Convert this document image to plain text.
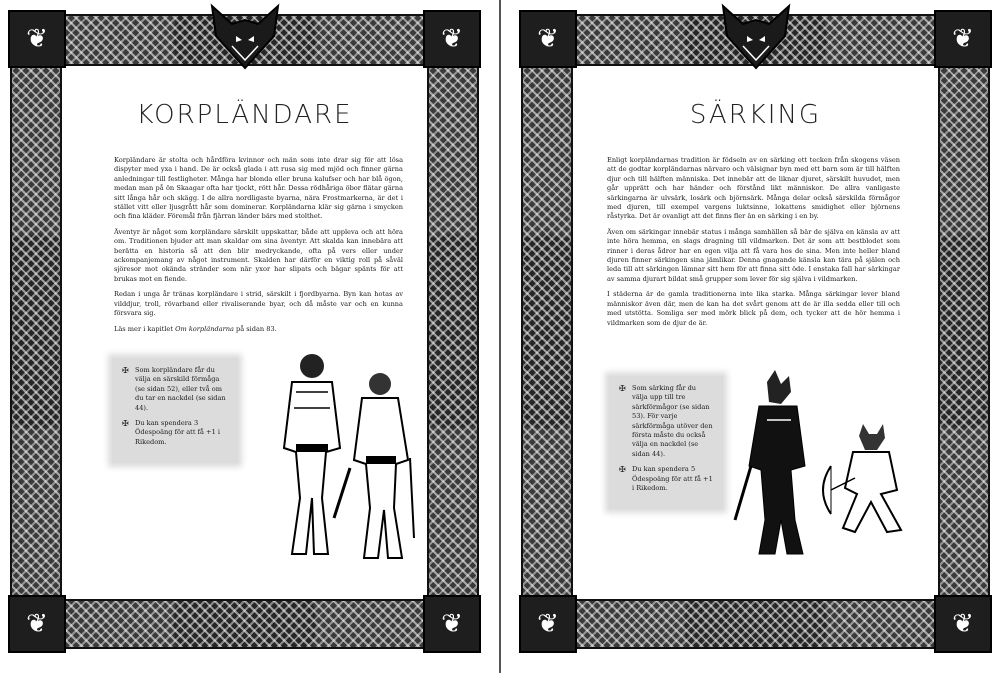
❦	❦
❦	❦
KORPLÄNDARE

Korpländare är stolta och hårdföra kvinnor och män som inte drar sig för att lösa dispyter med yxa i hand. De är också glada i att rusa sig med mjöd och finner gärna anledningar till festligheter. Många har blonda eller bruna kalufser och har blå ögon, medan man på ön Skaagar ofta har tjockt, rött hår. Dessa rödhåriga öbor flätar gärna sitt långa hår och skägg. I de allra nordligaste byarna, nära Frostmarkerna, är det i stället vitt eller ljusgrått hår som dominerar. Korpländarna klär sig gärna i smycken och fina kläder. Föremål från fjärran länder bärs med stolthet.

Äventyr är något som korpländare särskilt uppskattar, både att uppleva och att höra om. Traditionen bjuder att man skaldar om sina äventyr. Att skalda kan innebära att berätta en historia så att den blir medryckande, ofta på vers eller under ackompanjemang av något instrument. Skalden har därför en viktig roll på såväl sjöresor mot okända stränder som när yxor har slipats och bägar spänts för att brukas mot en fiende.

Redan i unga år tränas korpländare i strid, särskilt i fjordbyarna. Byn kan hotas av vilddjur, troll, rövarband eller rivaliserande byar, och då måste var och en kunna försvara sig.

Läs mer i kapitlet Om korpländarna på sidan 83.

✠ Som korpländare får du välja en särskild förmåga (se sidan 52), eller två om du tar en nackdel (se sidan 44).
✠ Du kan spendera 3 Ödespoäng för att få +1 i Rikedom.
❦	❦
❦	❦
SÄRKING

Enligt korpländarnas tradition är födseln av en särking ett tecken från skogens väsen att de godtar korpländarnas närvaro och välsignar byn med ett barn som är till hälften djur och till hälften människa. Det innebär att de liknar djuret, särskilt huvudet, men går upprätt och har händer och förstånd likt människor. De allra vanligaste särkingarna är ulvsärk, losärk och björnsärk. Många delar också särskilda förmågor med djuren, till exempel vargens luktsinne, lokattens smidighet eller björnens råstyrka. Det är ovanligt att det finns fler än en särking i en by.

Även om särkingar innebär status i många samhällen så bär de själva en känsla av att inte höra hemma, en slags dragning till vildmarken. Det är som att bestblodet som rinner i deras ådror har en egen vilja att få vara hos de sina. Men inte heller bland djuren finner särkingen sina jämlikar. Denna gnagande känsla kan tära på själen och leda till att särkingen lämnar sitt hem för att finna sitt öde. I enstaka fall har särkingar av samma djurart bildat små grupper som lever för sig själva i vildmarken.

I städerna är de gamla traditionerna inte lika starka. Många särkingar lever bland människor även där, men de kan ha det svårt genom att de är illa sedda eller till och med utstötta. Somliga ser med mörk blick på dem, och tycker att de hör hemma i vildmarken som de djur de är.

✠ Som särking får du välja upp till tre särkförmågor (se sidan 53). För varje särkförmåga utöver den första måste du också välja en nackdel (se sidan 44).
✠ Du kan spendera 5 Ödespoäng för att få +1 i Rikedom.
